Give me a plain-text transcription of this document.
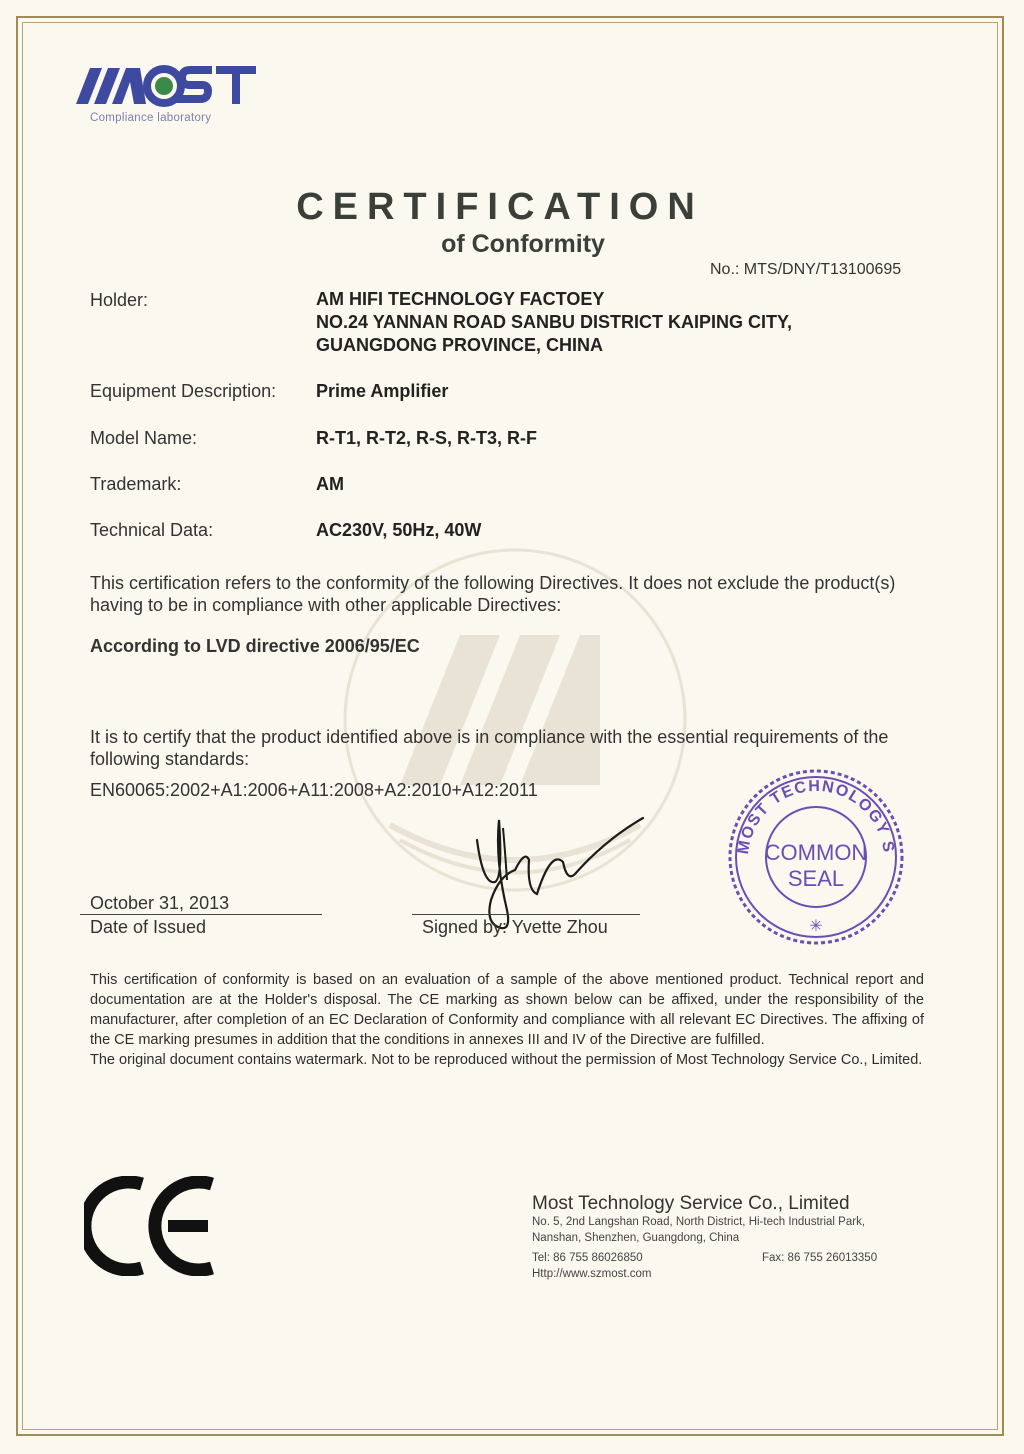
Compliance laboratory
CERTIFICATION
of Conformity
No.: MTS/DNY/T13100695
Holder:	AM HIFI TECHNOLOGY FACTOEY
NO.24 YANNAN ROAD SANBU DISTRICT KAIPING CITY,
GUANGDONG PROVINCE, CHINA
Equipment Description: Prime Amplifier
Model Name:	R-T1, R-T2, R-S, R-T3, R-F
Trademark:	AM
Technical Data:	AC230V, 50Hz, 40W
This certification refers to the conformity of the following Directives. It does not exclude the product(s) having to be in compliance with other applicable Directives:
According to LVD directive 2006/95/EC
It is to certify that the product identified above is in compliance with the essential requirements of the following standards:
EN60065:2002+A1:2006+A11:2008+A2:2010+A12:2011
October 31, 2013
Date of Issued	Signed by: Yvette Zhou
MOST TECHNOLOGY S
COMMON
SEAL
✳
This certification of conformity is based on an evaluation of a sample of the above mentioned product. Technical report and documentation are at the Holder's disposal. The CE marking as shown below can be affixed, under the responsibility of the manufacturer, after completion of an EC Declaration of Conformity and compliance with all relevant EC Directives. The affixing of the CE marking presumes in addition that the conditions in annexes III and IV of the Directive are fulfilled.
The original document contains watermark. Not to be reproduced without the permission of Most Technology Service Co., Limited.
Most Technology Service Co., Limited
No. 5, 2nd Langshan Road, North District, Hi-tech Industrial Park,
Nanshan, Shenzhen, Guangdong, China
Tel: 86 755 86026850	Fax: 86 755 26013350
Http://www.szmost.com
